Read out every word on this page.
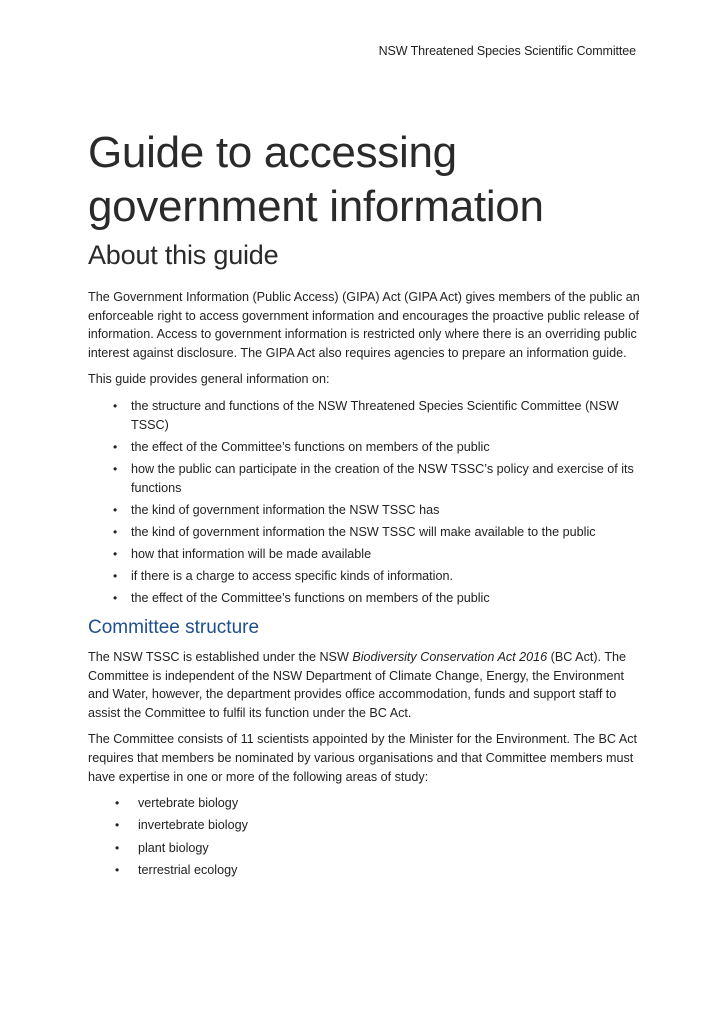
NSW Threatened Species Scientific Committee
Guide to accessing
government information
About this guide

The Government Information (Public Access) (GIPA) Act (GIPA Act) gives members of the public an enforceable right to access government information and encourages the proactive public release of information. Access to government information is restricted only where there is an overriding public interest against disclosure. The GIPA Act also requires agencies to prepare an information guide.

This guide provides general information on:

• the structure and functions of the NSW Threatened Species Scientific Committee (NSW TSSC)
• the effect of the Committee’s functions on members of the public
• how the public can participate in the creation of the NSW TSSC’s policy and exercise of its functions
• the kind of government information the NSW TSSC has
• the kind of government information the NSW TSSC will make available to the public
• how that information will be made available
• if there is a charge to access specific kinds of information.
• the effect of the Committee’s functions on members of the public
Committee structure

The NSW TSSC is established under the NSW Biodiversity Conservation Act 2016 (BC Act). The Committee is independent of the NSW Department of Climate Change, Energy, the Environment and Water, however, the department provides office accommodation, funds and support staff to assist the Committee to fulfil its function under the BC Act.

The Committee consists of 11 scientists appointed by the Minister for the Environment. The BC Act requires that members be nominated by various organisations and that Committee members must have expertise in one or more of the following areas of study:

• vertebrate biology
• invertebrate biology
• plant biology
• terrestrial ecology
